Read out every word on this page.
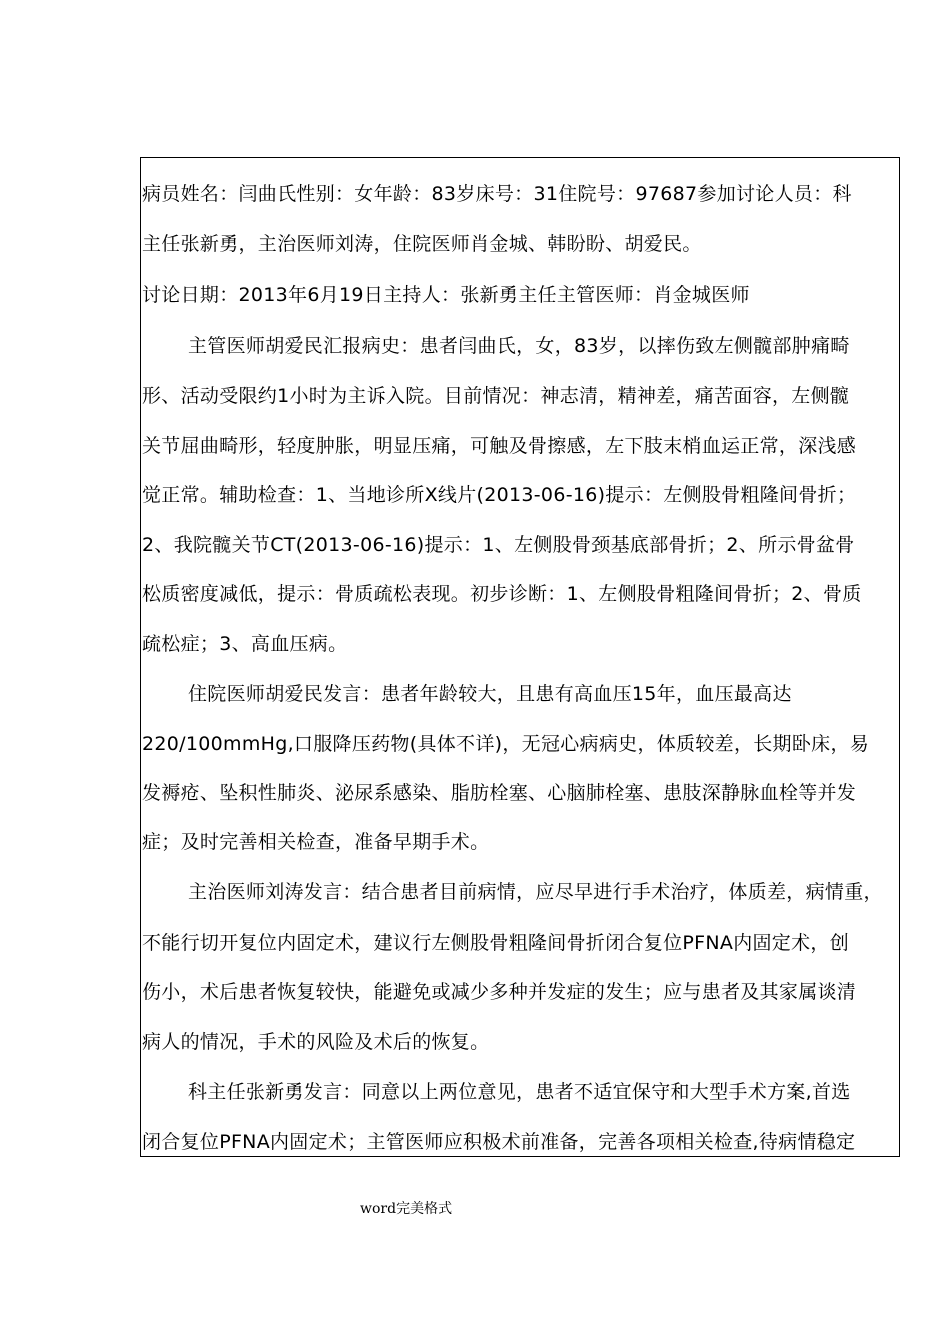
病员姓名：闫曲氏性别：女年龄：83岁床号：31住院号：97687参加讨论人员：科
主任张新勇，主治医师刘涛，住院医师肖金城、韩盼盼、胡爱民。
讨论日期：2013年6月19日主持人：张新勇主任主管医师：肖金城医师
主管医师胡爱民汇报病史：患者闫曲氏，女，83岁，以摔伤致左侧髋部肿痛畸
形、活动受限约1小时为主诉入院。目前情况：神志清，精神差，痛苦面容，左侧髋
关节屈曲畸形，轻度肿胀，明显压痛，可触及骨擦感，左下肢末梢血运正常，深浅感
觉正常。辅助检查：1、当地诊所X线片(2013-06-16)提示：左侧股骨粗隆间骨折；
2、我院髋关节CT(2013-06-16)提示：1、左侧股骨颈基底部骨折；2、所示骨盆骨
松质密度减低，提示：骨质疏松表现。初步诊断：1、左侧股骨粗隆间骨折；2、骨质
疏松症；3、高血压病。
住院医师胡爱民发言：患者年龄较大，且患有高血压15年，血压最高达
220/100mmHg,口服降压药物(具体不详)，无冠心病病史，体质较差，长期卧床，易
发褥疮、坠积性肺炎、泌尿系感染、脂肪栓塞、心脑肺栓塞、患肢深静脉血栓等并发
症；及时完善相关检查，准备早期手术。
主治医师刘涛发言：结合患者目前病情，应尽早进行手术治疗，体质差，病情重，
不能行切开复位内固定术，建议行左侧股骨粗隆间骨折闭合复位PFNA内固定术，创
伤小，术后患者恢复较快，能避免或减少多种并发症的发生；应与患者及其家属谈清
病人的情况，手术的风险及术后的恢复。
科主任张新勇发言：同意以上两位意见，患者不适宜保守和大型手术方案,首选
闭合复位PFNA内固定术；主管医师应积极术前准备，完善各项相关检查,待病情稳定
word完美格式
